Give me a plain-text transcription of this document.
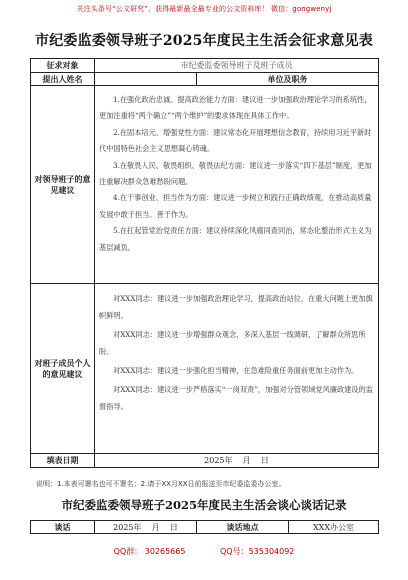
关注头条号“公文研究”，获得最新最全最专业的公文资料库！ 微信：gongwenyj
市纪委监委领导班子2025年度民主生活会征求意见表
征求对象	市纪委监委领导班子及班子成员	
提出人姓名		单位及职务
对领导班子的意见建议	1.在强化政治忠诚、提高政治能力方面：建议进一步加强政治理论学习的系统性，更加注重将“两个确立”“两个维护”的要求体现在具体工作中。

2.在固本培元、增强党性方面：建议常态化开展理想信念教育，持续用习近平新时代中国特色社会主义思想凝心铸魂。

3.在敬畏人民、敬畏组织、敬畏法纪方面：建议进一步落实“四下基层”制度，更加注重解决群众急难愁盼问题。

4.在干事创业、担当作为方面：建议进一步树立和践行正确政绩观，在推动高质量发展中敢于担当、善于作为。

5.在扛起管党治党责任方面：建议持续深化风腐同查同治，常态化整治形式主义为基层减负。	

对班子成员个人的意见建议	对XXX同志：建议进一步加强政治理论学习，提高政治站位，在重大问题上更加旗帜鲜明。

对XXX同志：建议进一步增强群众观念，多深入基层一线调研，了解群众所思所盼。

对XXX同志：建议进一步强化担当精神，在急难险重任务面前更加主动作为。

对XXX同志：建议进一步严格落实“一岗双责”，加强对分管领域党风廉政建设的监督指导。	

填表日期	2025年    月    日	
说明：1.本表可署名也可不署名；2.请于XX月XX日前报送至市纪委监委办公室。
市纪委监委领导班子2025年度民主生活会谈心谈话记录
谈话	2025年    月    日	谈话地点	XXX办公室
QQ群： 30265665	QQ号：535304092
